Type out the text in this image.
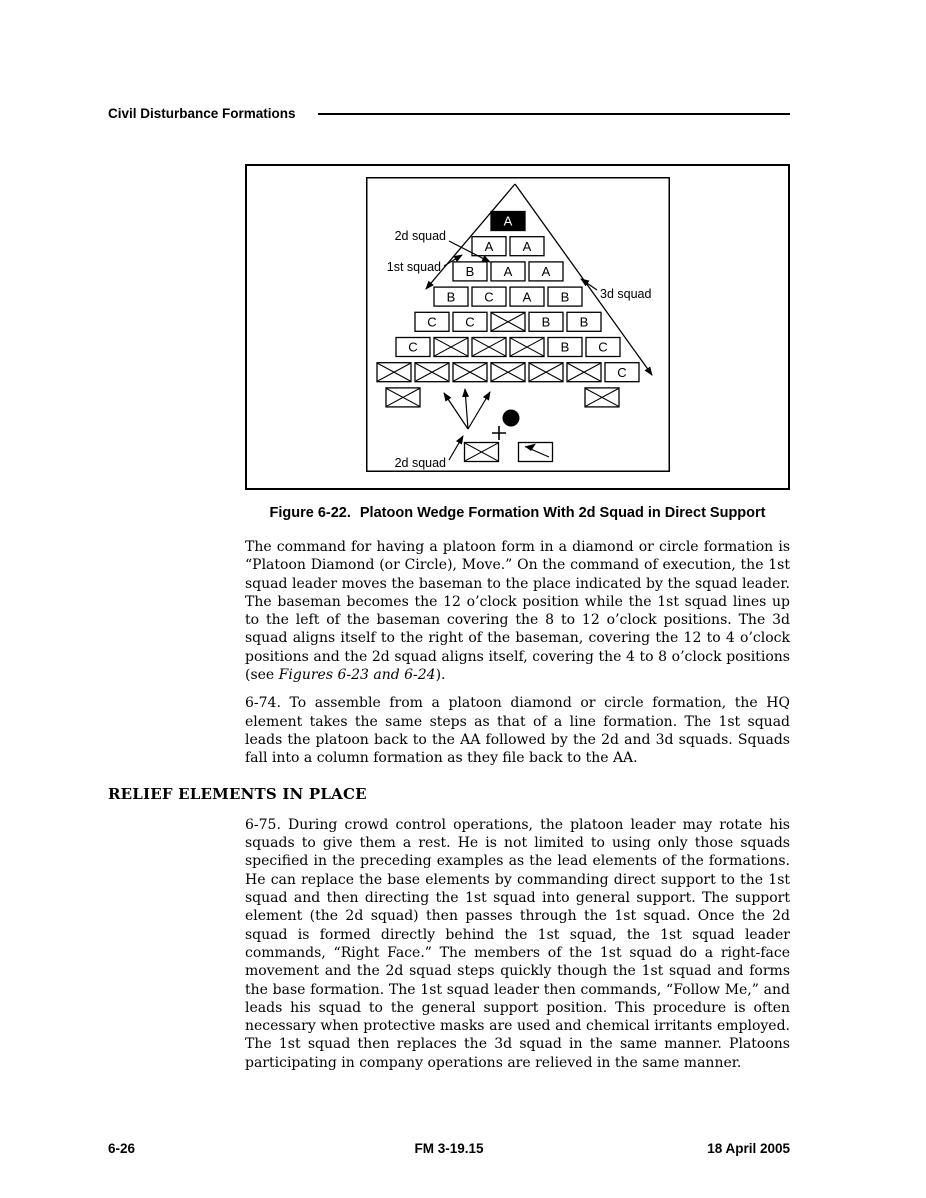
Civil Disturbance Formations
A
A A
B A A
B C A B
C C	B B
C	B C
C
2d squad
1st squad
3d squad
2d squad
Figure 6-22. Platoon Wedge Formation With 2d Squad in Direct Support

The command for having a platoon form in a diamond or circle formation is “Platoon Diamond (or Circle), Move.” On the command of execution, the 1st squad leader moves the baseman to the place indicated by the squad leader. The baseman becomes the 12 o’clock position while the 1st squad lines up to the left of the baseman covering the 8 to 12 o’clock positions. The 3d squad aligns itself to the right of the baseman, covering the 12 to 4 o’clock positions and the 2d squad aligns itself, covering the 4 to 8 o’clock positions (see Figures 6-23 and 6-24).

6-74. To assemble from a platoon diamond or circle formation, the HQ element takes the same steps as that of a line formation. The 1st squad leads the platoon back to the AA followed by the 2d and 3d squads. Squads fall into a column formation as they file back to the AA.

RELIEF ELEMENTS IN PLACE

6-75. During crowd control operations, the platoon leader may rotate his squads to give them a rest. He is not limited to using only those squads specified in the preceding examples as the lead elements of the formations. He can replace the base elements by commanding direct support to the 1st squad and then directing the 1st squad into general support. The support element (the 2d squad) then passes through the 1st squad. Once the 2d squad is formed directly behind the 1st squad, the 1st squad leader commands, “Right Face.” The members of the 1st squad do a right-face movement and the 2d squad steps quickly though the 1st squad and forms the base formation. The 1st squad leader then commands, “Follow Me,” and leads his squad to the general support position. This procedure is often necessary when protective masks are used and chemical irritants employed. The 1st squad then replaces the 3d squad in the same manner. Platoons participating in company operations are relieved in the same manner.

6-26	FM 3-19.15	18 April 2005
